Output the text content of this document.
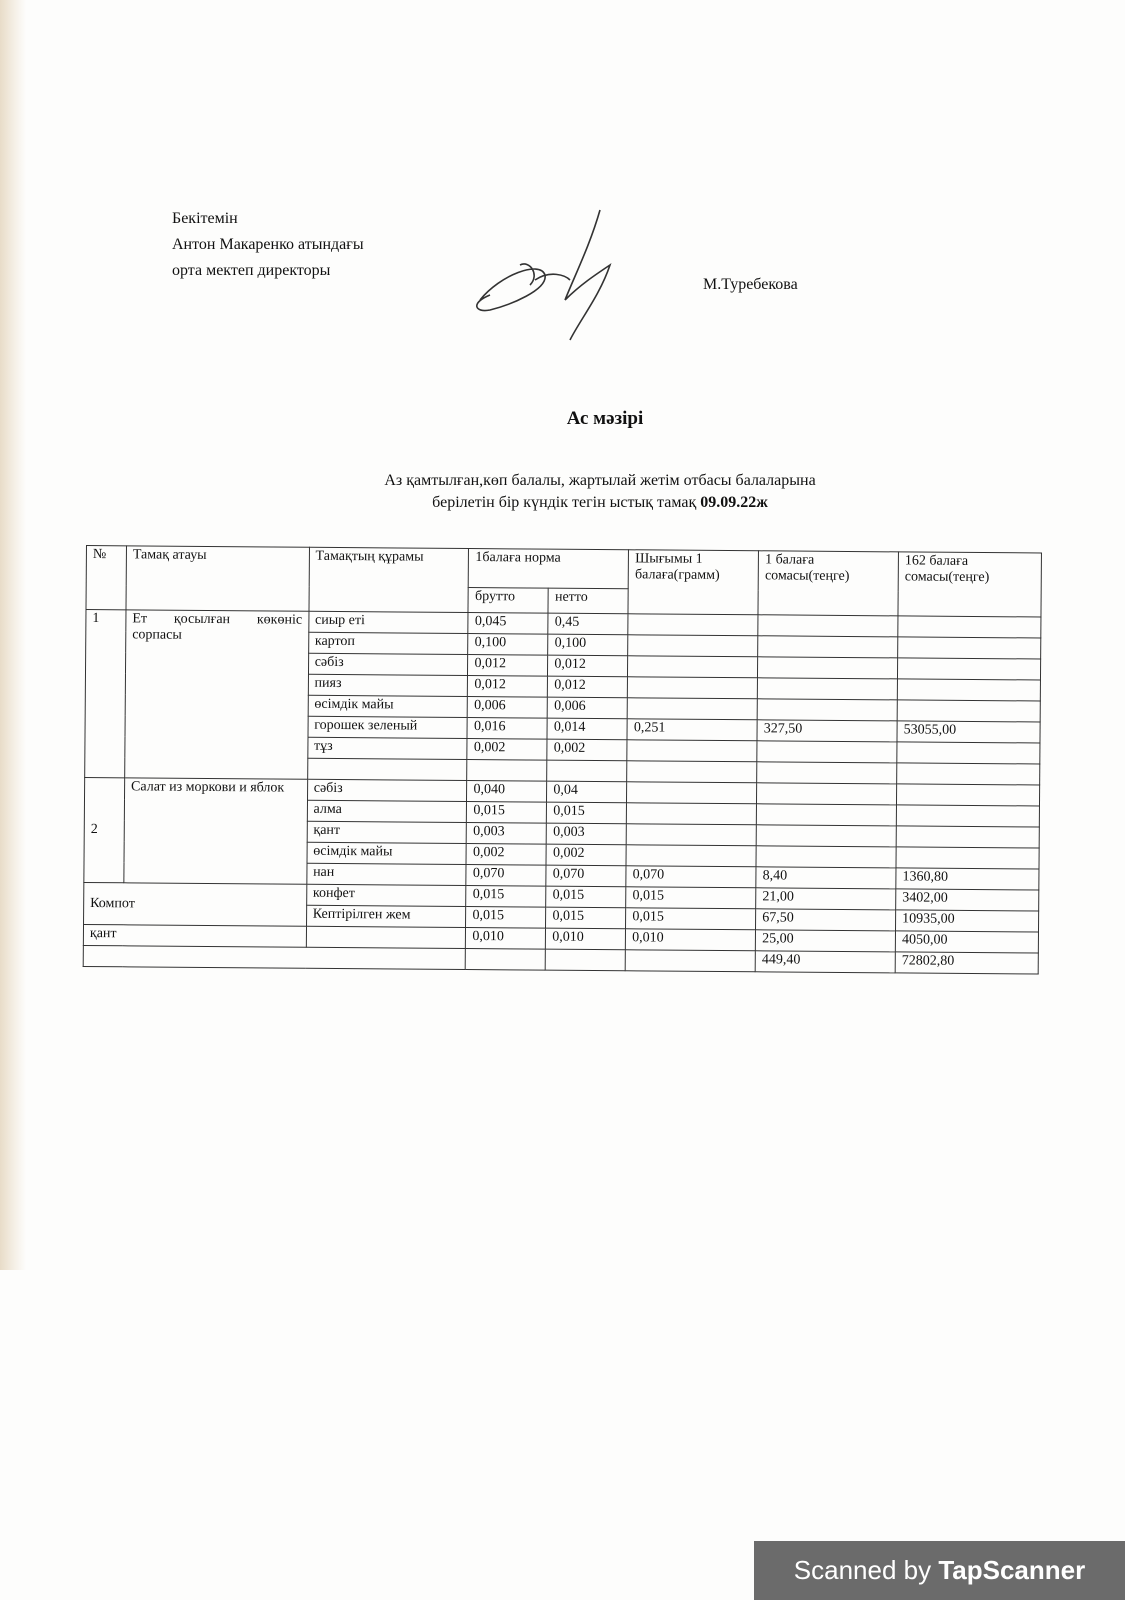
Бекітемін
Антон Макаренко атындағы
орта мектеп директоры
М.Туребекова
Ас мәзірі
Аз қамтылған,көп балалы, жартылай жетім отбасы балаларына
берілетін бір күндік тегін ыстық тамақ 09.09.22ж
№	Тамақ атауы	Тамақтың құрамы	1балаға норма		Шығымы 1 балаға(грамм)	1 балаға сомасы(теңге)	162 балаға сомасы(теңге)
			брутто	нетто			
1	Ет қосылған көкөніс сорпасы	сиыр еті	0,045	0,45			
		картоп	0,100	0,100			
		сәбіз	0,012	0,012			
		пияз	0,012	0,012			
		өсімдік майы	0,006	0,006			
		горошек зеленый	0,016	0,014	0,251	327,50	53055,00
		тұз	0,002	0,002			

2	Салат из моркови и яблок	сәбіз	0,040	0,04			
		алма	0,015	0,015			
		қант	0,003	0,003			
		өсімдік майы	0,002	0,002			
		нан	0,070	0,070	0,070	8,40	1360,80
Компот		конфет	0,015	0,015	0,015	21,00	3402,00
		Кептірілген жем	0,015	0,015	0,015	67,50	10935,00
қант			0,010	0,010	0,010	25,00	4050,00
						449,40	72802,80
Scanned by TapScanner
